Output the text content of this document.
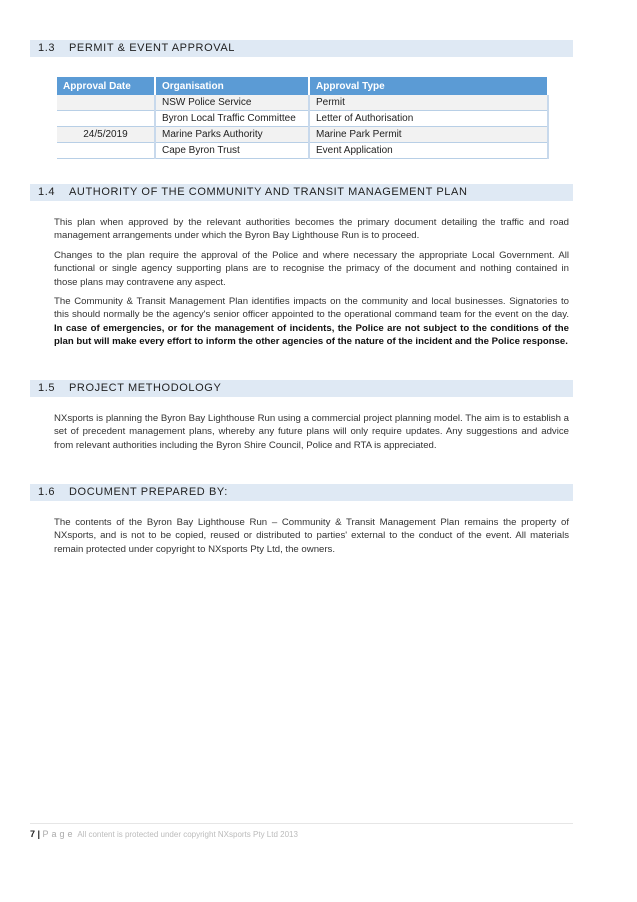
1.3 PERMIT & EVENT APPROVAL
Approval Date	Organisation	Approval Type
	NSW Police Service	Permit
	Byron Local Traffic Committee	Letter of Authorisation
24/5/2019	Marine Parks Authority	Marine Park Permit
	Cape Byron Trust	Event Application
1.4 AUTHORITY OF THE COMMUNITY AND TRANSIT MANAGEMENT PLAN

This plan when approved by the relevant authorities becomes the primary document detailing the traffic and road management arrangements under which the Byron Bay Lighthouse Run is to proceed.

Changes to the plan require the approval of the Police and where necessary the appropriate Local Government. All functional or single agency supporting plans are to recognise the primacy of the document and nothing contained in those plans may contravene any aspect.

The Community & Transit Management Plan identifies impacts on the community and local businesses. Signatories to this should normally be the agency's senior officer appointed to the operational command team for the event on the day. In case of emergencies, or for the management of incidents, the Police are not subject to the conditions of the plan but will make every effort to inform the other agencies of the nature of the incident and the Police response.

1.5 PROJECT METHODOLOGY

NXsports is planning the Byron Bay Lighthouse Run using a commercial project planning model. The aim is to establish a set of precedent management plans, whereby any future plans will only require updates. Any suggestions and advice from relevant authorities including the Byron Shire Council, Police and RTA is appreciated.

1.6 DOCUMENT PREPARED BY:

The contents of the Byron Bay Lighthouse Run – Community & Transit Management Plan remains the property of NXsports, and is not to be copied, reused or distributed to parties' external to the conduct of the event. All materials remain protected under copyright to NXsports Pty Ltd, the owners.

7 | Page All content is protected under copyright NXsports Pty Ltd 2013
